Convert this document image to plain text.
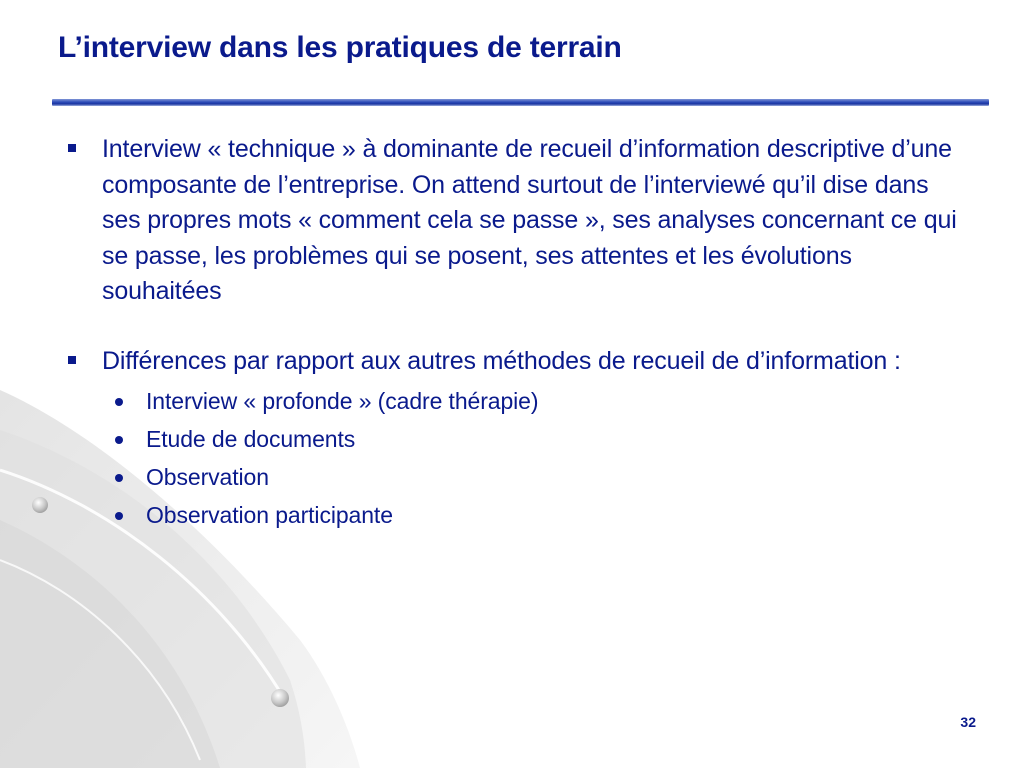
L’interview dans les pratiques de terrain
Interview « technique » à dominante de recueil d’information descriptive d’une composante de l’entreprise. On attend surtout de l’interviewé qu’il dise dans ses propres mots « comment cela se passe », ses analyses concernant ce qui se passe, les problèmes qui se posent, ses attentes et les évolutions souhaitées
Différences par rapport aux autres méthodes de recueil de d’information :
Interview « profonde » (cadre thérapie)
Etude de documents
Observation
Observation participante
32
